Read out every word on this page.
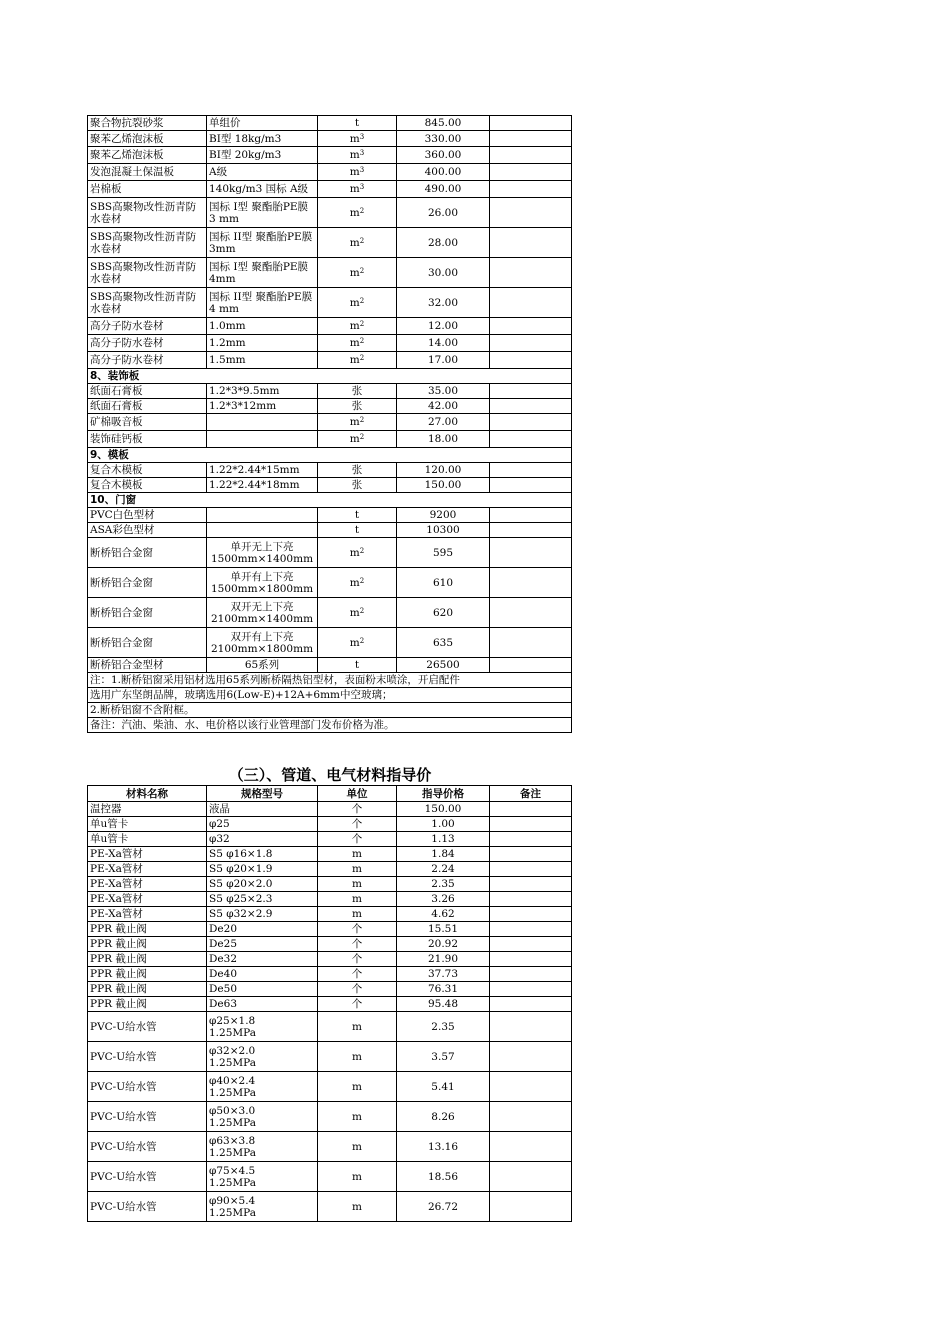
聚合物抗裂砂浆	单组价	t	845.00	
聚苯乙烯泡沫板	BI型 18kg/m3	$m^3$	330.00	
聚苯乙烯泡沫板	BI型 20kg/m3	$m^3$	360.00	
发泡混凝土保温板	A级	$m^3$	400.00	
岩棉板	140kg/m3 国标 A级	$m^3$	490.00	
SBS高聚物改性沥青防水卷材	国标 I型 聚酯胎PE膜 3 mm	$m^2$	26.00	
SBS高聚物改性沥青防水卷材	国标 II型 聚酯胎PE膜 3mm	$m^2$	28.00	
SBS高聚物改性沥青防水卷材	国标 I型 聚酯胎PE膜 4mm	$m^2$	30.00	
SBS高聚物改性沥青防水卷材	国标 II型 聚酯胎PE膜 4 mm	$m^2$	32.00	
高分子防水卷材	1.0mm	$m^2$	12.00	
高分子防水卷材	1.2mm	$m^2$	14.00	
高分子防水卷材	1.5mm	$m^2$	17.00	
8、装饰板				
纸面石膏板	1.2*3*9.5mm	张	35.00	
纸面石膏板	1.2*3*12mm	张	42.00	
矿棉吸音板		$m^2$	27.00	
装饰硅钙板		$m^2$	18.00	
9、模板				
复合木模板	1.22*2.44*15mm	张	120.00	
复合木模板	1.22*2.44*18mm	张	150.00	
10、门窗				
PVC白色型材		t	9200	
ASA彩色型材		t	10300	
断桥铝合金窗	单开无上下亮1500mm×1400mm	$m^2$	595	
断桥铝合金窗	单开有上下亮1500mm×1800mm	$m^2$	610	
断桥铝合金窗	双开无上下亮2100mm×1400mm	$m^2$	620	
断桥铝合金窗	双开有上下亮2100mm×1800mm	$m^2$	635	
断桥铝合金型材	65系列	t	26500	
注：1.断桥铝窗采用铝材选用65系列断桥隔热铝型材，表面粉末喷涂，开启配件				
选用广东坚朗品牌，玻璃选用6(Low-E)+12A+6mm中空玻璃；				
2.断桥铝窗不含附框。				
备注：汽油、柴油、水、电价格以该行业管理部门发布价格为准。				
（三）、管道、电气材料指导价
材料名称	规格型号	单位	指导价格	备注
温控器	液晶	个	150.00	
单u管卡	φ25	个	1.00	
单u管卡	φ32	个	1.13	
PE-Xa管材	S5 φ16×1.8	m	1.84	
PE-Xa管材	S5 φ20×1.9	m	2.24	
PE-Xa管材	S5 φ20×2.0	m	2.35	
PE-Xa管材	S5 φ25×2.3	m	3.26	
PE-Xa管材	S5 φ32×2.9	m	4.62	
PPR 截止阀	De20	个	15.51	
PPR 截止阀	De25	个	20.92	
PPR 截止阀	De32	个	21.90	
PPR 截止阀	De40	个	37.73	
PPR 截止阀	De50	个	76.31	
PPR 截止阀	De63	个	95.48	
PVC-U给水管	φ25×1.8
1.25MPa	m	2.35	
PVC-U给水管	φ32×2.0
1.25MPa	m	3.57	
PVC-U给水管	φ40×2.4
1.25MPa	m	5.41	
PVC-U给水管	φ50×3.0
1.25MPa	m	8.26	
PVC-U给水管	φ63×3.8
1.25MPa	m	13.16	
PVC-U给水管	φ75×4.5
1.25MPa	m	18.56	
PVC-U给水管	φ90×5.4
1.25MPa	m	26.72	
